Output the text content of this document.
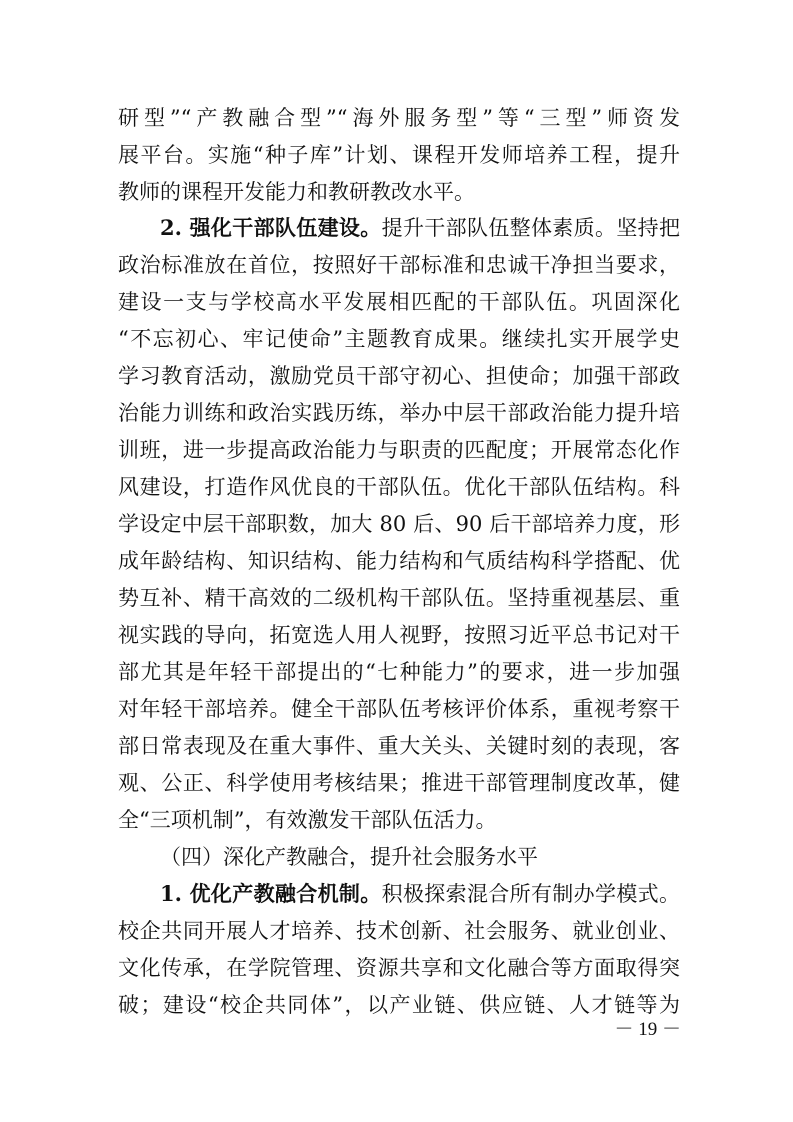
研型”“产教融合型”“海外服务型”等“三型”师资发
展平台。实施“种子库”计划、课程开发师培养工程，提升
教师的课程开发能力和教研教改水平。
2. 强化干部队伍建设。提升干部队伍整体素质。坚持把
政治标准放在首位，按照好干部标准和忠诚干净担当要求，
建设一支与学校高水平发展相匹配的干部队伍。巩固深化
“不忘初心、牢记使命”主题教育成果。继续扎实开展学史
学习教育活动，激励党员干部守初心、担使命；加强干部政
治能力训练和政治实践历练，举办中层干部政治能力提升培
训班，进一步提高政治能力与职责的匹配度；开展常态化作
风建设，打造作风优良的干部队伍。优化干部队伍结构。科
学设定中层干部职数，加大 80 后、90 后干部培养力度，形
成年龄结构、知识结构、能力结构和气质结构科学搭配、优
势互补、精干高效的二级机构干部队伍。坚持重视基层、重
视实践的导向，拓宽选人用人视野，按照习近平总书记对干
部尤其是年轻干部提出的“七种能力”的要求，进一步加强
对年轻干部培养。健全干部队伍考核评价体系，重视考察干
部日常表现及在重大事件、重大关头、关键时刻的表现，客
观、公正、科学使用考核结果；推进干部管理制度改革，健
全“三项机制”，有效激发干部队伍活力。
（四）深化产教融合，提升社会服务水平
1. 优化产教融合机制。积极探索混合所有制办学模式。
校企共同开展人才培养、技术创新、社会服务、就业创业、
文化传承，在学院管理、资源共享和文化融合等方面取得突
破；建设“校企共同体”，以产业链、供应链、人才链等为
－ 19 －
